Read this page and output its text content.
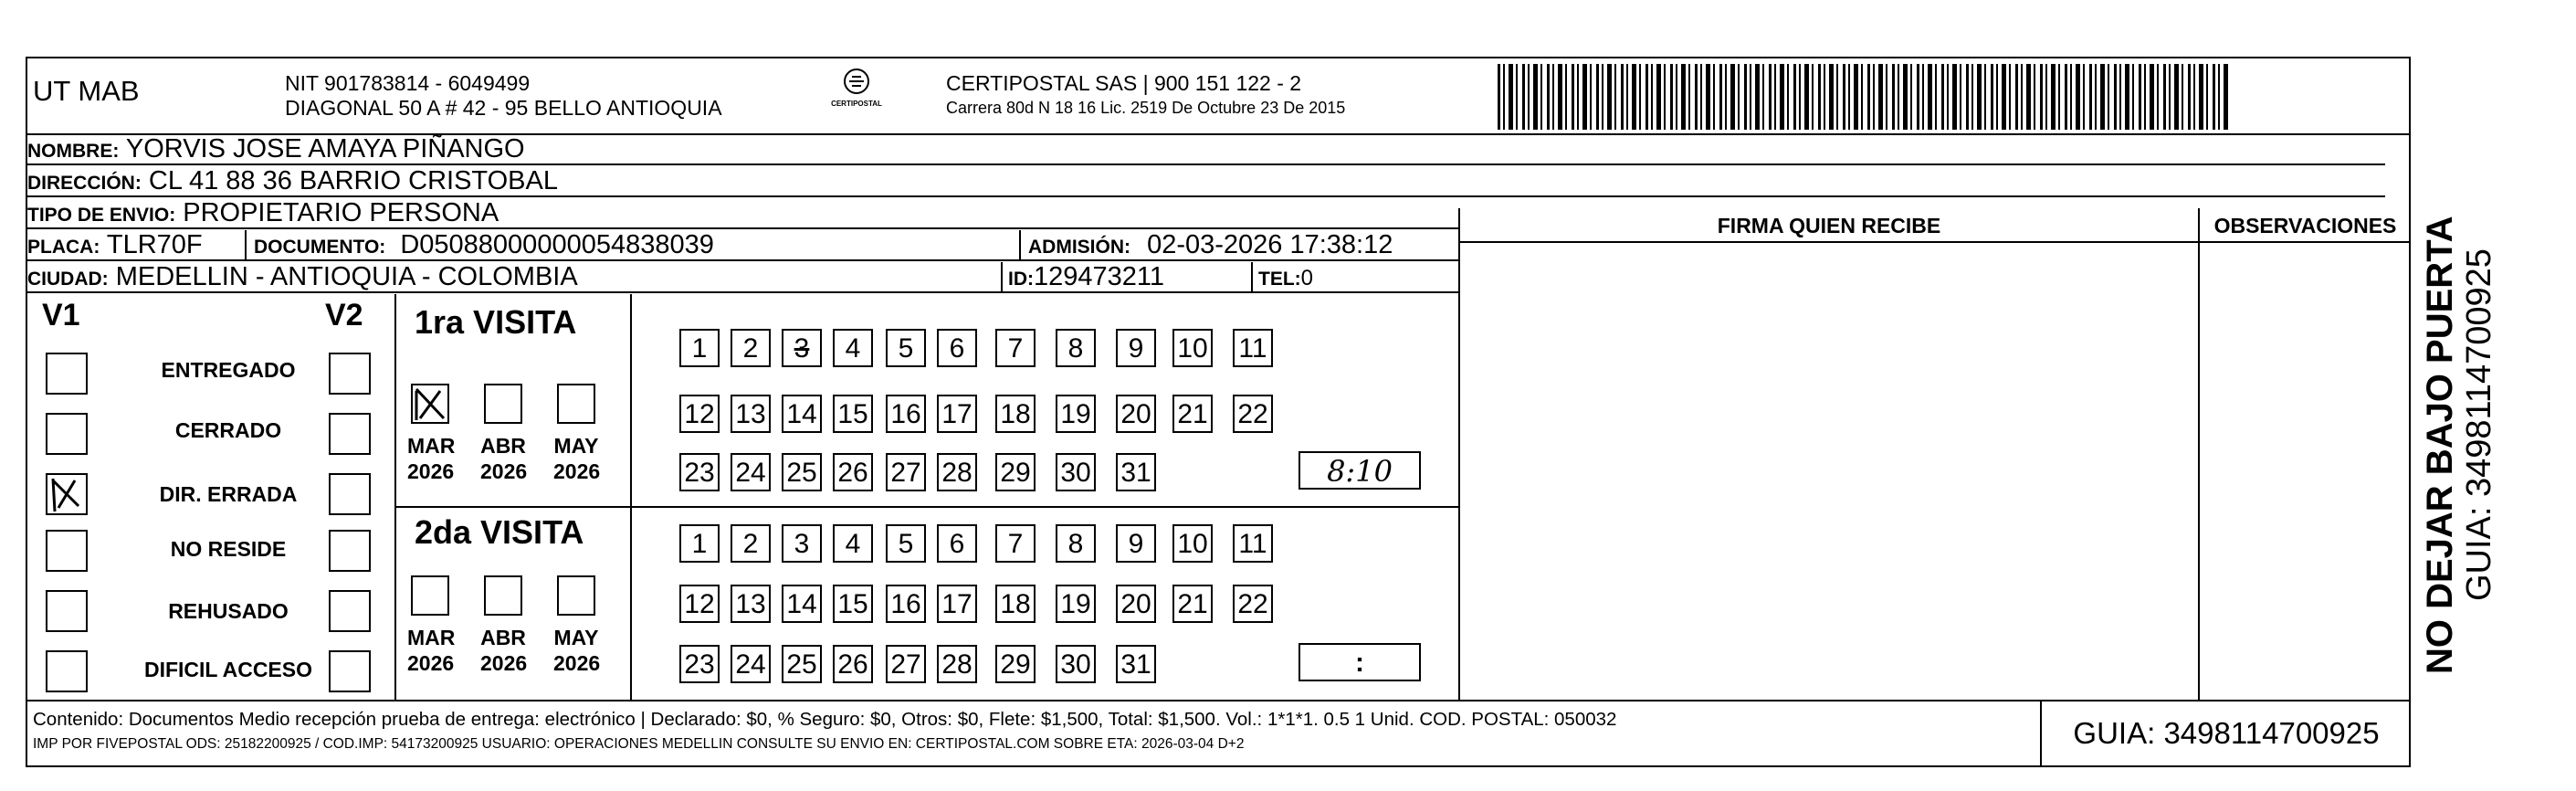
UT MAB	NIT 901783814 - 6049499
DIAGONAL 50 A # 42 - 95 BELLO ANTIOQUIA	CERTIPOSTAL
CERTIPOSTAL SAS | 900 151 122 - 2
Carrera 80d N 18 16 Lic. 2519 De Octubre 23 De 2015
NOMBRE: YORVIS JOSE AMAYA PIÑANGO
DIRECCIÓN: CL 41 88 36 BARRIO CRISTOBAL
TIPO DE ENVIO: PROPIETARIO PERSONA
PLACA: TLR70F	DOCUMENTO: D05088000000054838039	ADMISIÓN: 02-03-2026 17:38:12
CIUDAD: MEDELLIN - ANTIOQUIA - COLOMBIA	ID:129473211	TEL:0
FIRMA QUIEN RECIBE	OBSERVACIONES
V1	V2
ENTREGADO
CERRADO
DIR. ERRADA
NO RESIDE
REHUSADO
DIFICIL ACCESO
1ra VISITA
MAR ABR MAY
2026 2026 2026
2da VISITA
MAR ABR MAY
2026 2026 2026
1	2	3	4	5	6	7	8	9	10 11
12 13 14 15 16 17 18 19 20 21 22
23 24 25 26 27 28 29 30 31
1	2	3	4	5	6	7	8	9	10 11
12 13 14 15 16 17 18 19 20 21 22
23 24 25 26 27 28 29 30 31
8:10
:
Contenido: Documentos Medio recepción prueba de entrega: electrónico | Declarado: $0, % Seguro: $0, Otros: $0, Flete: $1,500, Total: $1,500. Vol.: 1*1*1. 0.5 1 Unid. COD. POSTAL: 050032
IMP POR FIVEPOSTAL ODS: 25182200925 / COD.IMP: 54173200925 USUARIO: OPERACIONES MEDELLIN CONSULTE SU ENVIO EN: CERTIPOSTAL.COM SOBRE ETA: 2026-03-04 D+2	GUIA: 3498114700925
NO DEJAR BAJO PUERTA GUIA: 3498114700925
